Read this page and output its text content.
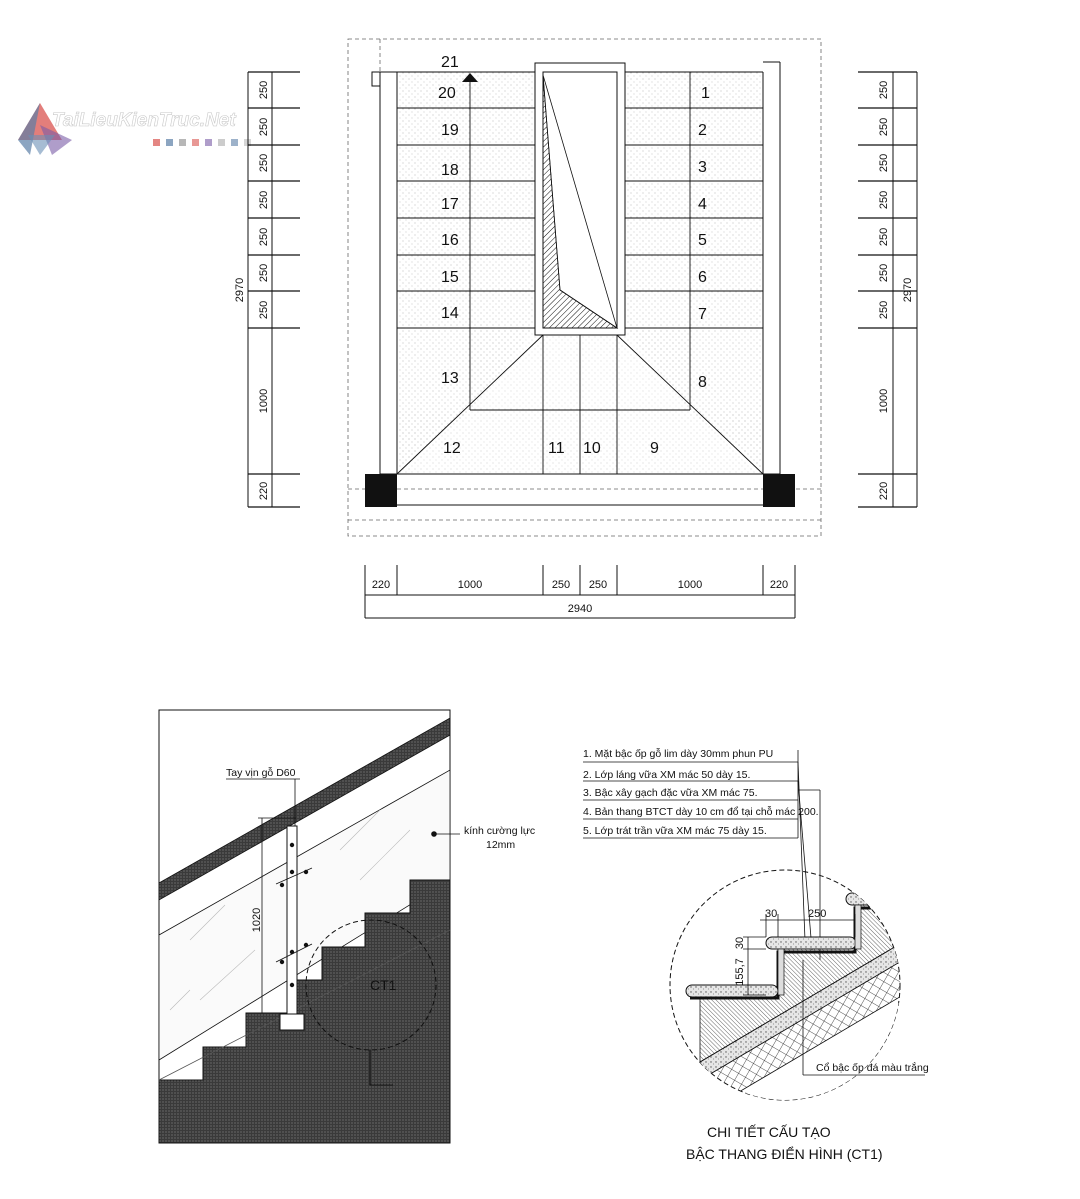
TaiLieuKienTruc.Net
1
2
3
4
5
6
7
8
9
10
11
12
13
14
15
16
17
18
19
20
21
250
250
250
250
250
250
250
1000
220
2970
250
250
250
250
250
250
250
1000
220
2970
220	1000	250 250	1000	220
2940
Tay vịn gỗ D60
kính cường lực
12mm
1020
CT1
1. Mặt bậc ốp gỗ lim dày 30mm phun PU
2. Lớp láng vữa XM mác 50 dày 15.
3. Bậc xây gạch đặc vữa XM mác 75.
4. Bản thang BTCT dày 10 cm đổ tại chỗ mác 200.
5. Lớp trát trần vữa XM mác 75 dày 15.
30	250
30
155,7
Cổ bậc ốp đá màu trắng
CHI TIẾT CẤU TẠO
BẬC THANG ĐIỂN HÌNH (CT1)
